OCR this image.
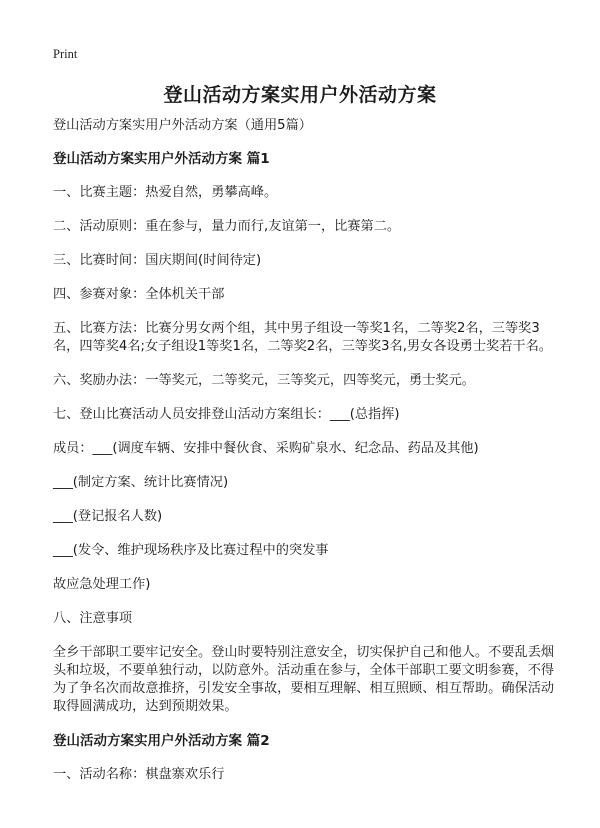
Print
登山活动方案实用户外活动方案

登山活动方案实用户外活动方案（通用5篇）

登山活动方案实用户外活动方案 篇1

一、比赛主题：热爱自然，勇攀高峰。

二、活动原则：重在参与，量力而行,友谊第一，比赛第二。

三、比赛时间：国庆期间(时间待定)

四、参赛对象：全体机关干部

五、比赛方法：比赛分男女两个组，其中男子组设一等奖1名，二等奖2名，三等奖3名，四等奖4名;女子组设1等奖1名，二等奖2名，三等奖3名,男女各设勇士奖若干名。

六、奖励办法：一等奖元，二等奖元，三等奖元，四等奖元，勇士奖元。

七、登山比赛活动人员安排登山活动方案组长：___(总指挥)

成员：___(调度车辆、安排中餐伙食、采购矿泉水、纪念品、药品及其他)

___(制定方案、统计比赛情况)

___(登记报名人数)

___(发令、维护现场秩序及比赛过程中的突发事

故应急处理工作)

八、注意事项

全乡干部职工要牢记安全。登山时要特别注意安全，切实保护自己和他人。不要乱丢烟头和垃圾，不要单独行动，以防意外。活动重在参与，全体干部职工要文明参赛，不得为了争名次而故意推挤，引发安全事故，要相互理解、相互照顾、相互帮助。确保活动取得圆满成功，达到预期效果。

登山活动方案实用户外活动方案 篇2

一、活动名称：棋盘寨欢乐行
